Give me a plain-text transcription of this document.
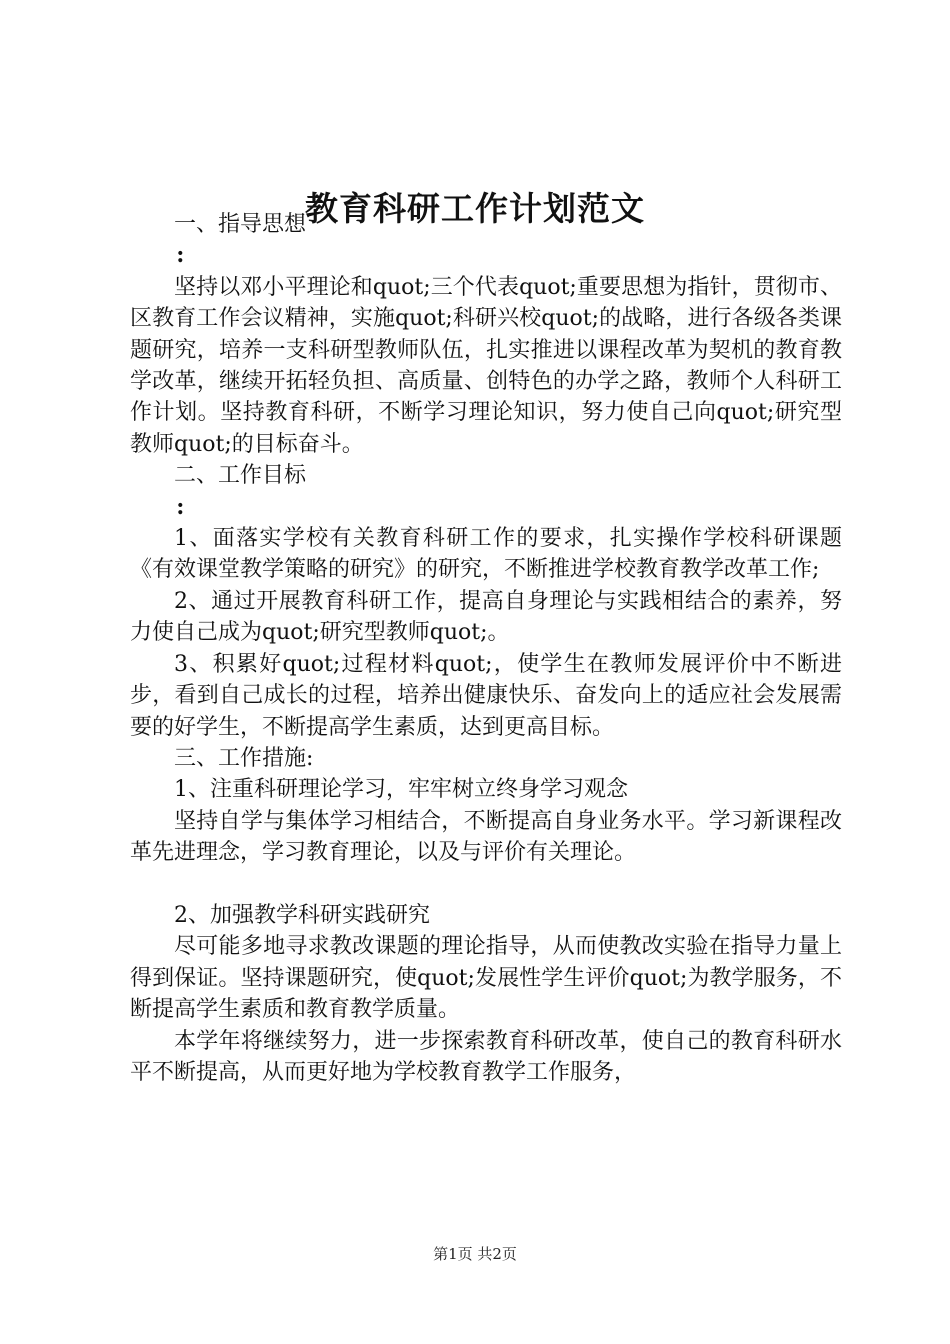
教育科研工作计划范文

一、指导思想

:

坚持以邓小平理论和quot;三个代表quot;重要思想为指针，贯彻市、区教育工作会议精神，实施quot;科研兴校quot;的战略，进行各级各类课题研究，培养一支科研型教师队伍，扎实推进以课程改革为契机的教育教学改革，继续开拓轻负担、高质量、创特色的办学之路，教师个人科研工作计划。坚持教育科研，不断学习理论知识，努力使自己向quot;研究型教师quot;的目标奋斗。

二、工作目标

:

1、面落实学校有关教育科研工作的要求，扎实操作学校科研课题《有效课堂教学策略的研究》的研究，不断推进学校教育教学改革工作;

2、通过开展教育科研工作，提高自身理论与实践相结合的素养，努力使自己成为quot;研究型教师quot;。

3、积累好quot;过程材料quot;，使学生在教师发展评价中不断进步，看到自己成长的过程，培养出健康快乐、奋发向上的适应社会发展需要的好学生，不断提高学生素质，达到更高目标。

三、工作措施:

1、注重科研理论学习，牢牢树立终身学习观念

坚持自学与集体学习相结合，不断提高自身业务水平。学习新课程改革先进理念，学习教育理论，以及与评价有关理论。

2、加强教学科研实践研究

尽可能多地寻求教改课题的理论指导，从而使教改实验在指导力量上得到保证。坚持课题研究，使quot;发展性学生评价quot;为教学服务，不断提高学生素质和教育教学质量。

本学年将继续努力，进一步探索教育科研改革，使自己的教育科研水平不断提高，从而更好地为学校教育教学工作服务，

第1页 共2页
